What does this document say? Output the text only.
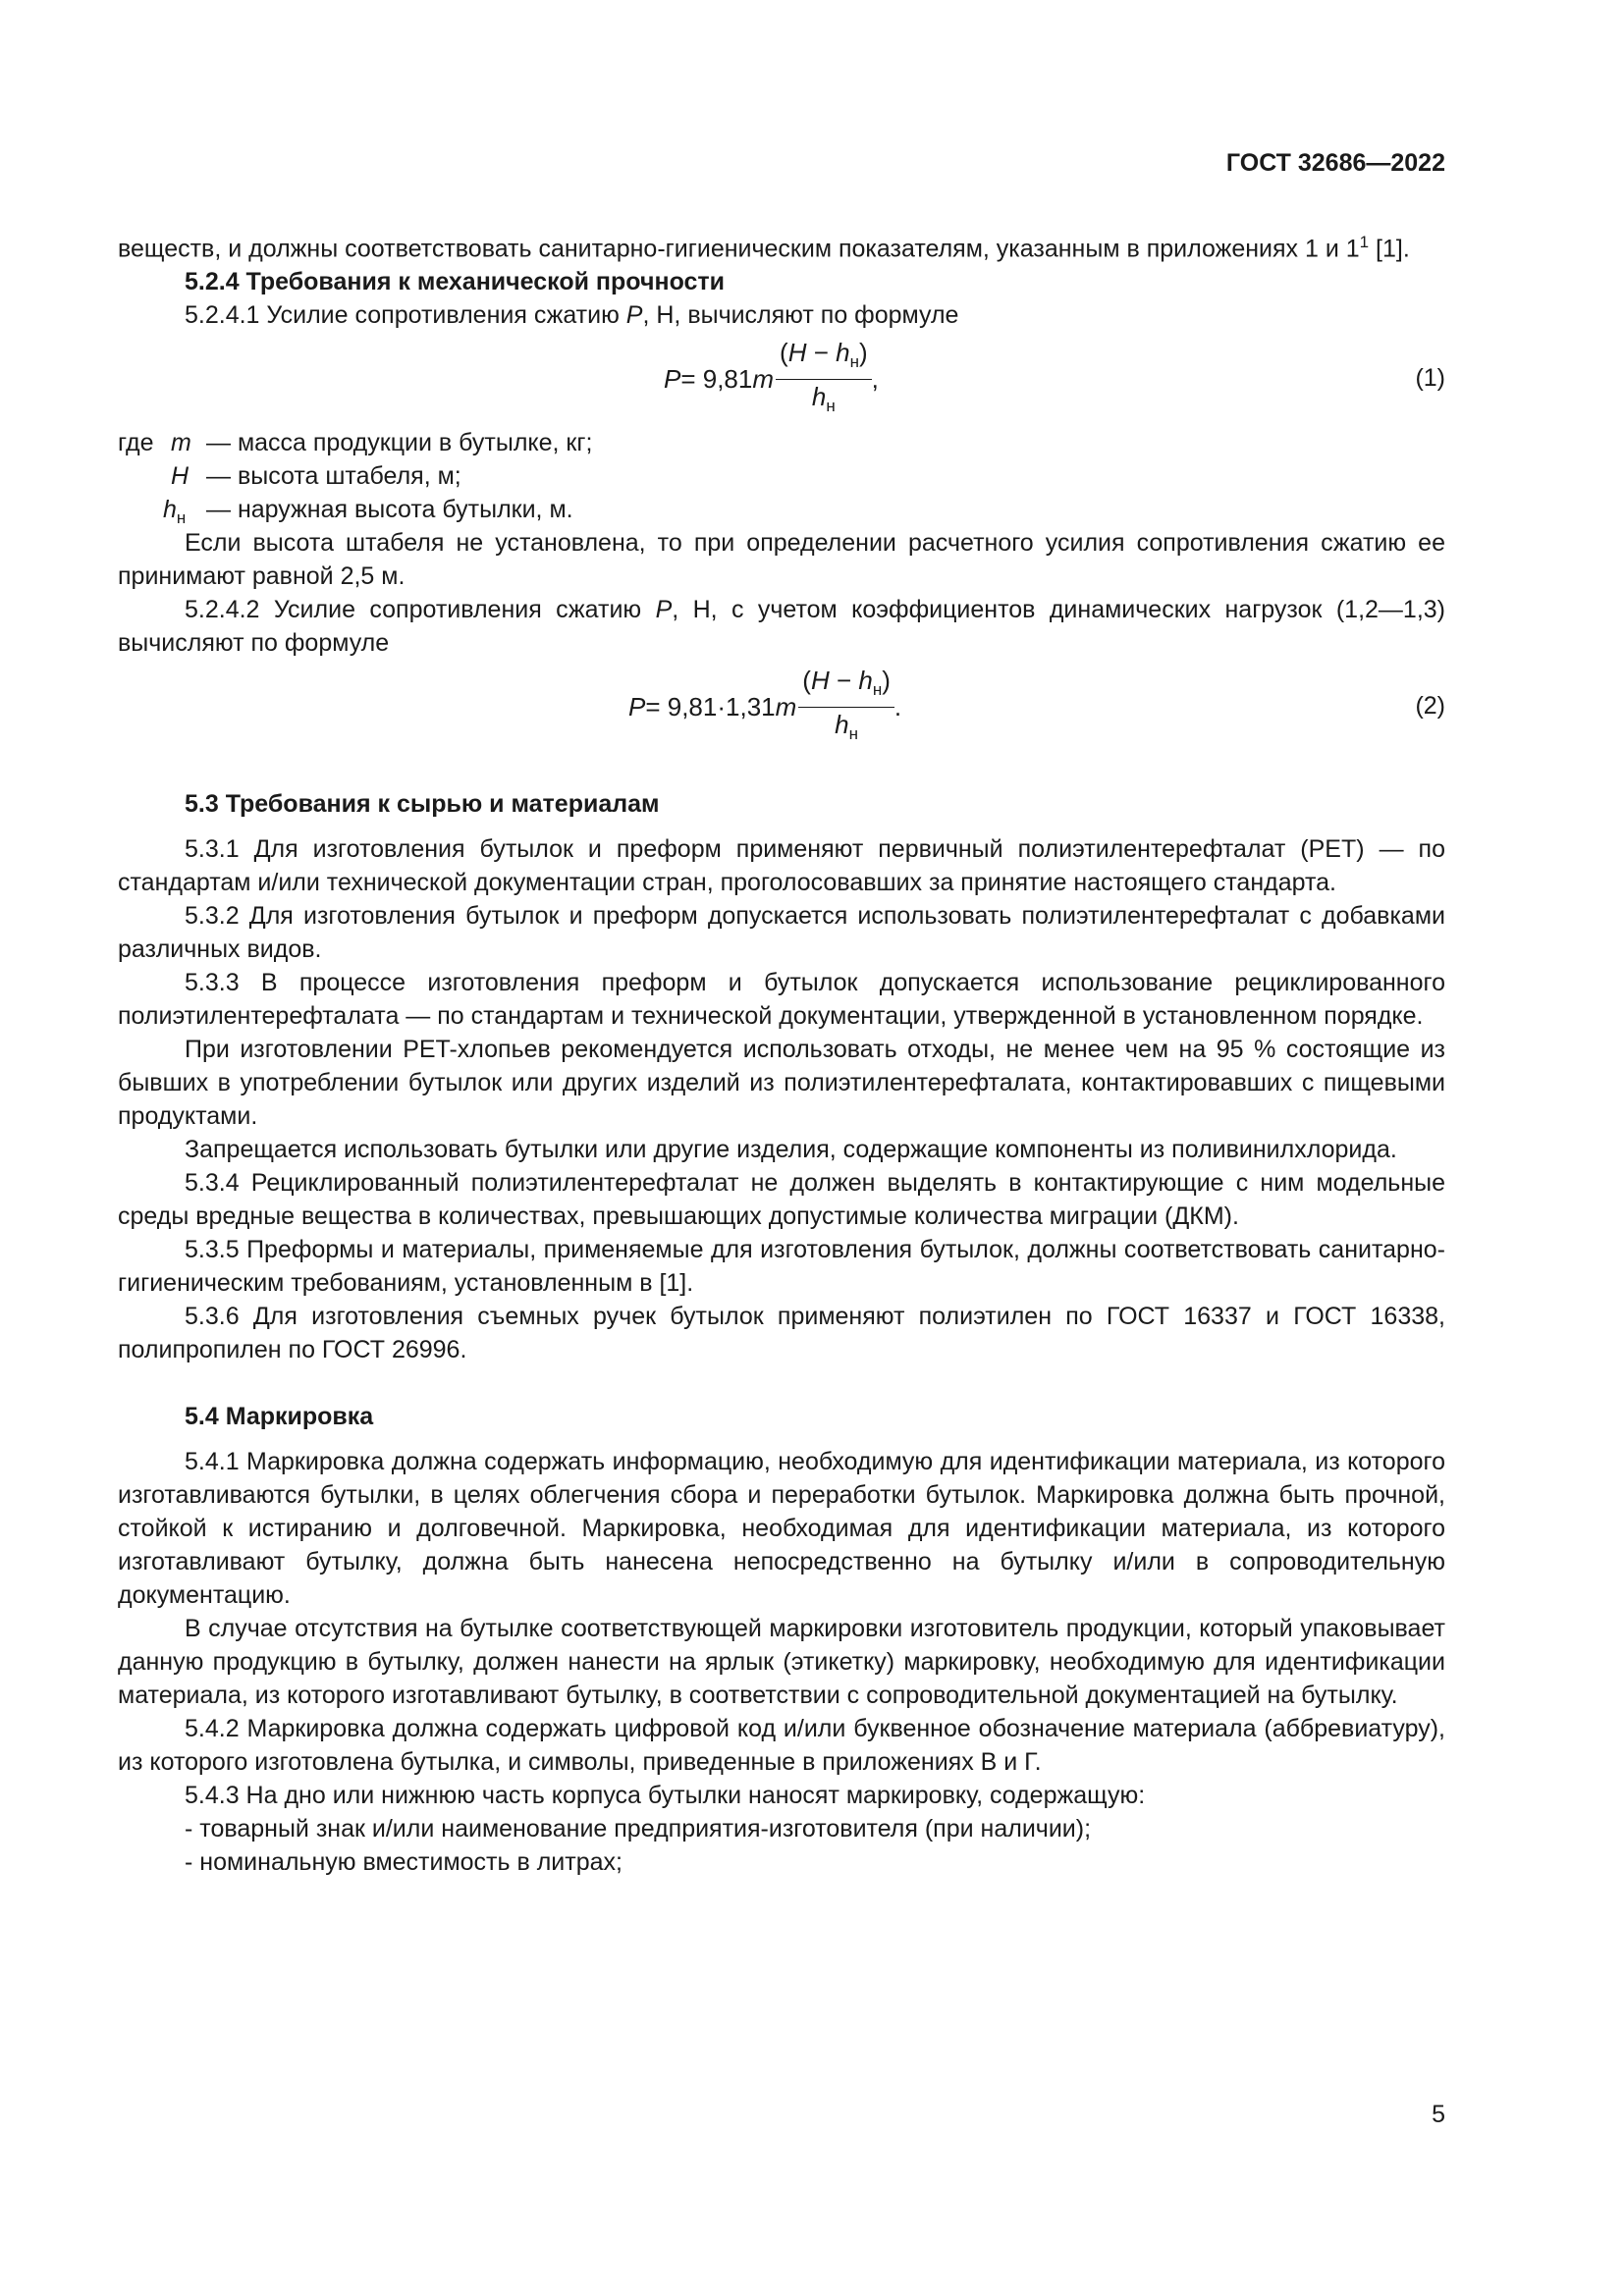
ГОСТ 32686—2022

веществ, и должны соответствовать санитарно-гигиеническим показателям, указанным в приложениях 1 и $1^1$ [1].

5.2.4 Требования к механической прочности

5.2.4.1 Усилие сопротивления сжатию P, Н, вычисляют по формуле

P = 9,81 m $\frac{(H - h_н)}{h_н}$ ,	(1)
где m — масса продукции в бутылке, кг;
H — высота штабеля, м;
$h_н$ — наружная высота бутылки, м.

Если высота штабеля не установлена, то при определении расчетного усилия сопротивления сжатию ее принимают равной 2,5 м.

5.2.4.2 Усилие сопротивления сжатию P, Н, с учетом коэффициентов динамических нагрузок (1,2—1,3) вычисляют по формуле

P = 9,81·1,31 m $\frac{(H - h_н)}{h_н}$ .	(2)

5.3 Требования к сырью и материалам

5.3.1 Для изготовления бутылок и преформ применяют первичный полиэтилентерефталат (PET) — по стандартам и/или технической документации стран, проголосовавших за принятие настоящего стандарта.

5.3.2 Для изготовления бутылок и преформ допускается использовать полиэтилентерефталат с добавками различных видов.

5.3.3 В процессе изготовления преформ и бутылок допускается использование рециклированного полиэтилентерефталата — по стандартам и технической документации, утвержденной в установленном порядке.

При изготовлении PET-хлопьев рекомендуется использовать отходы, не менее чем на 95 % состоящие из бывших в употреблении бутылок или других изделий из полиэтилентерефталата, контактировавших с пищевыми продуктами.

Запрещается использовать бутылки или другие изделия, содержащие компоненты из поливинилхлорида.

5.3.4 Рециклированный полиэтилентерефталат не должен выделять в контактирующие с ним модельные среды вредные вещества в количествах, превышающих допустимые количества миграции (ДКМ).

5.3.5 Преформы и материалы, применяемые для изготовления бутылок, должны соответствовать санитарно-гигиеническим требованиям, установленным в [1].

5.3.6 Для изготовления съемных ручек бутылок применяют полиэтилен по ГОСТ 16337 и ГОСТ 16338, полипропилен по ГОСТ 26996.

5.4 Маркировка

5.4.1 Маркировка должна содержать информацию, необходимую для идентификации материала, из которого изготавливаются бутылки, в целях облегчения сбора и переработки бутылок. Маркировка должна быть прочной, стойкой к истиранию и долговечной. Маркировка, необходимая для идентификации материала, из которого изготавливают бутылку, должна быть нанесена непосредственно на бутылку и/или в сопроводительную документацию.

В случае отсутствия на бутылке соответствующей маркировки изготовитель продукции, который упаковывает данную продукцию в бутылку, должен нанести на ярлык (этикетку) маркировку, необходимую для идентификации материала, из которого изготавливают бутылку, в соответствии с сопроводительной документацией на бутылку.

5.4.2 Маркировка должна содержать цифровой код и/или буквенное обозначение материала (аббревиатуру), из которого изготовлена бутылка, и символы, приведенные в приложениях В и Г.

5.4.3 На дно или нижнюю часть корпуса бутылки наносят маркировку, содержащую:

- товарный знак и/или наименование предприятия-изготовителя (при наличии);

- номинальную вместимость в литрах;

5
